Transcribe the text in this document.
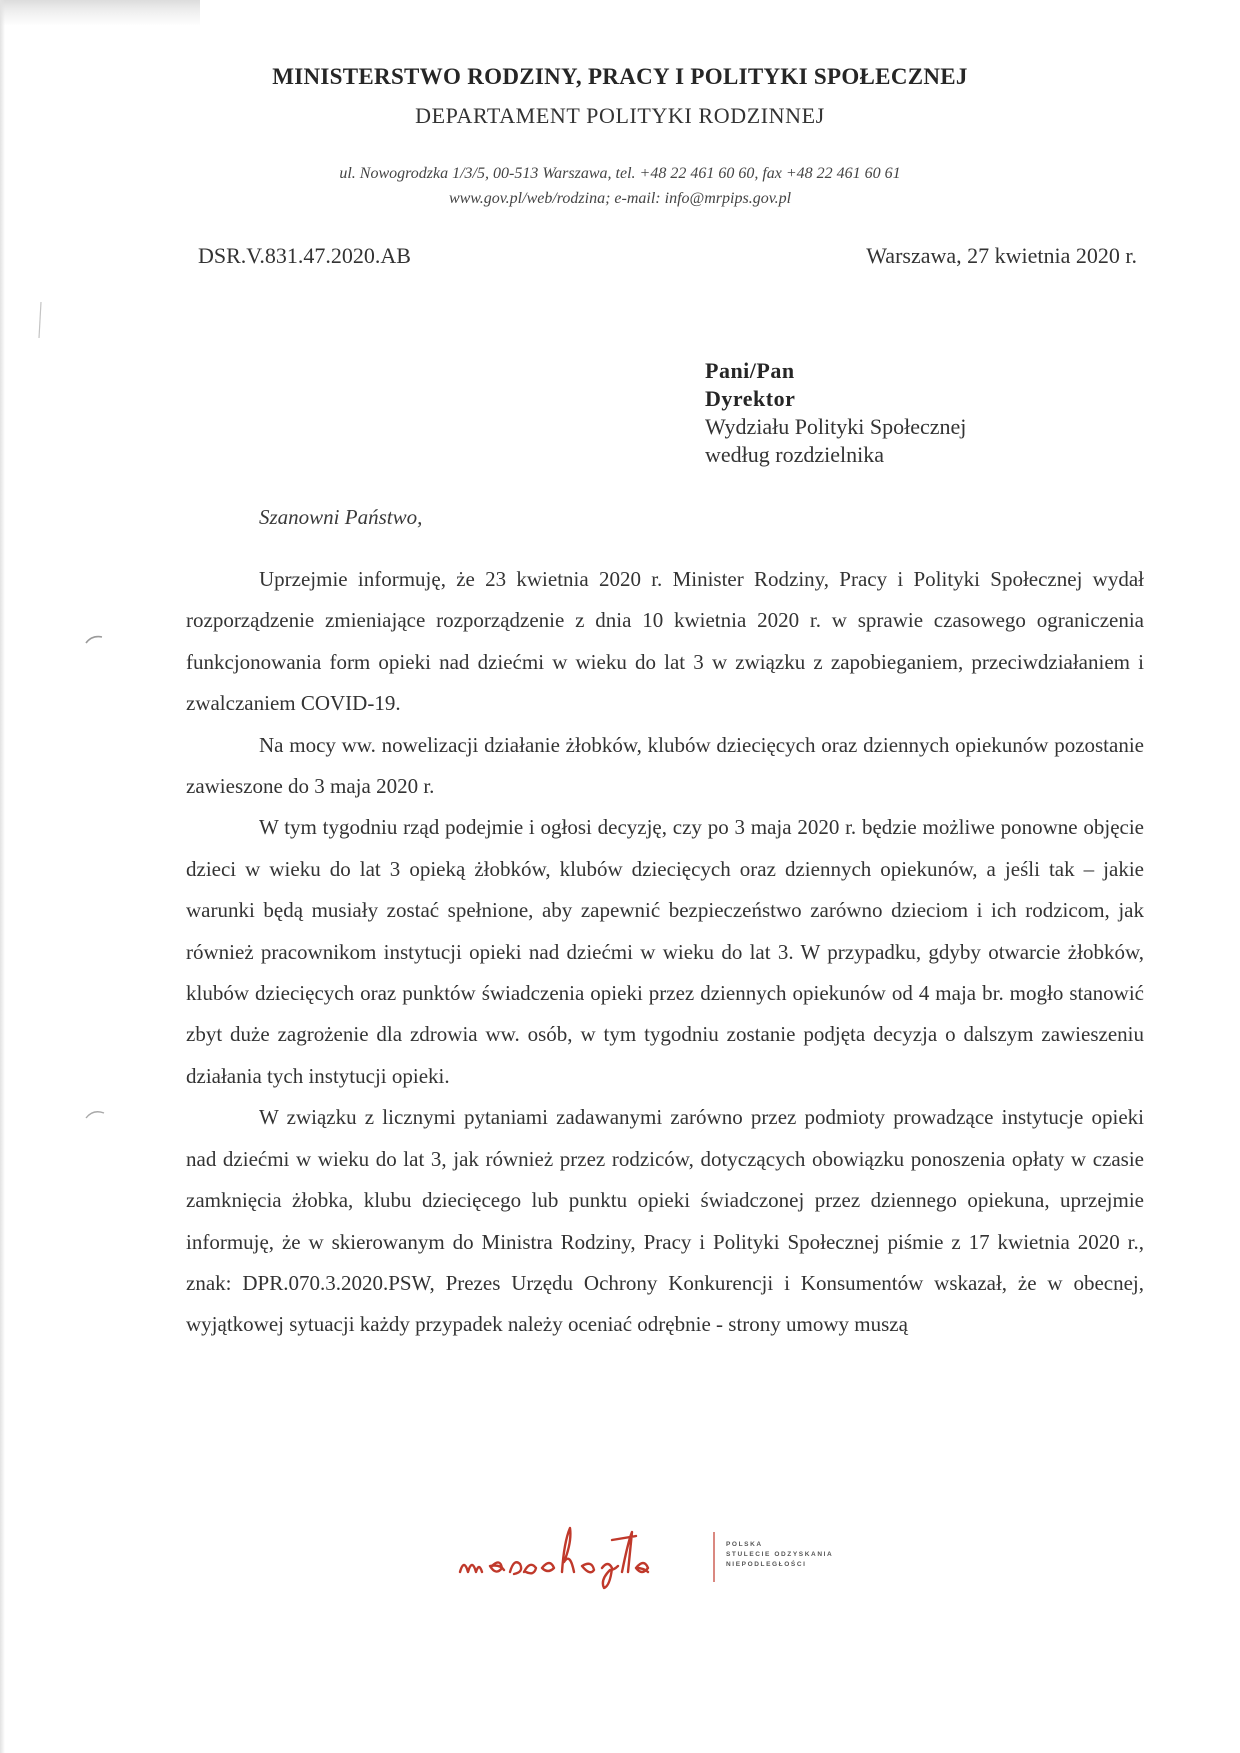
MINISTERSTWO RODZINY, PRACY I POLITYKI SPOŁECZNEJ
DEPARTAMENT POLITYKI RODZINNEJ
ul. Nowogrodzka 1/3/5, 00-513 Warszawa, tel. +48 22 461 60 60, fax +48 22 461 60 61
www.gov.pl/web/rodzina; e-mail: info@mrpips.gov.pl
DSR.V.831.47.2020.AB	Warszawa, 27 kwietnia 2020 r.
Pani/Pan
Dyrektor
Wydziału Polityki Społecznej
według rozdzielnika
Szanowni Państwo,

Uprzejmie informuję, że 23 kwietnia 2020 r. Minister Rodziny, Pracy i Polityki Społecznej wydał rozporządzenie zmieniające rozporządzenie z dnia 10 kwietnia 2020 r. w sprawie czasowego ograniczenia funkcjonowania form opieki nad dziećmi w wieku do lat 3 w związku z zapobieganiem, przeciwdziałaniem i zwalczaniem COVID-19.

Na mocy ww. nowelizacji działanie żłobków, klubów dziecięcych oraz dziennych opiekunów pozostanie zawieszone do 3 maja 2020 r.

W tym tygodniu rząd podejmie i ogłosi decyzję, czy po 3 maja 2020 r. będzie możliwe ponowne objęcie dzieci w wieku do lat 3 opieką żłobków, klubów dziecięcych oraz dziennych opiekunów, a jeśli tak – jakie warunki będą musiały zostać spełnione, aby zapewnić bezpieczeństwo zarówno dzieciom i ich rodzicom, jak również pracownikom instytucji opieki nad dziećmi w wieku do lat 3. W przypadku, gdyby otwarcie żłobków, klubów dziecięcych oraz punktów świadczenia opieki przez dziennych opiekunów od 4 maja br. mogło stanowić zbyt duże zagrożenie dla zdrowia ww. osób, w tym tygodniu zostanie podjęta decyzja o dalszym zawieszeniu działania tych instytucji opieki.

W związku z licznymi pytaniami zadawanymi zarówno przez podmioty prowadzące instytucje opieki nad dziećmi w wieku do lat 3, jak również przez rodziców, dotyczących obowiązku ponoszenia opłaty w czasie zamknięcia żłobka, klubu dziecięcego lub punktu opieki świadczonej przez dziennego opiekuna, uprzejmie informuję, że w skierowanym do Ministra Rodziny, Pracy i Polityki Społecznej piśmie z 17 kwietnia 2020 r., znak: DPR.070.3.2020.PSW, Prezes Urzędu Ochrony Konkurencji i Konsumentów wskazał, że w obecnej, wyjątkowej sytuacji każdy przypadek należy oceniać odrębnie - strony umowy muszą

POLSKA
STULECIE ODZYSKANIA
NIEPODLEGŁOŚCI
